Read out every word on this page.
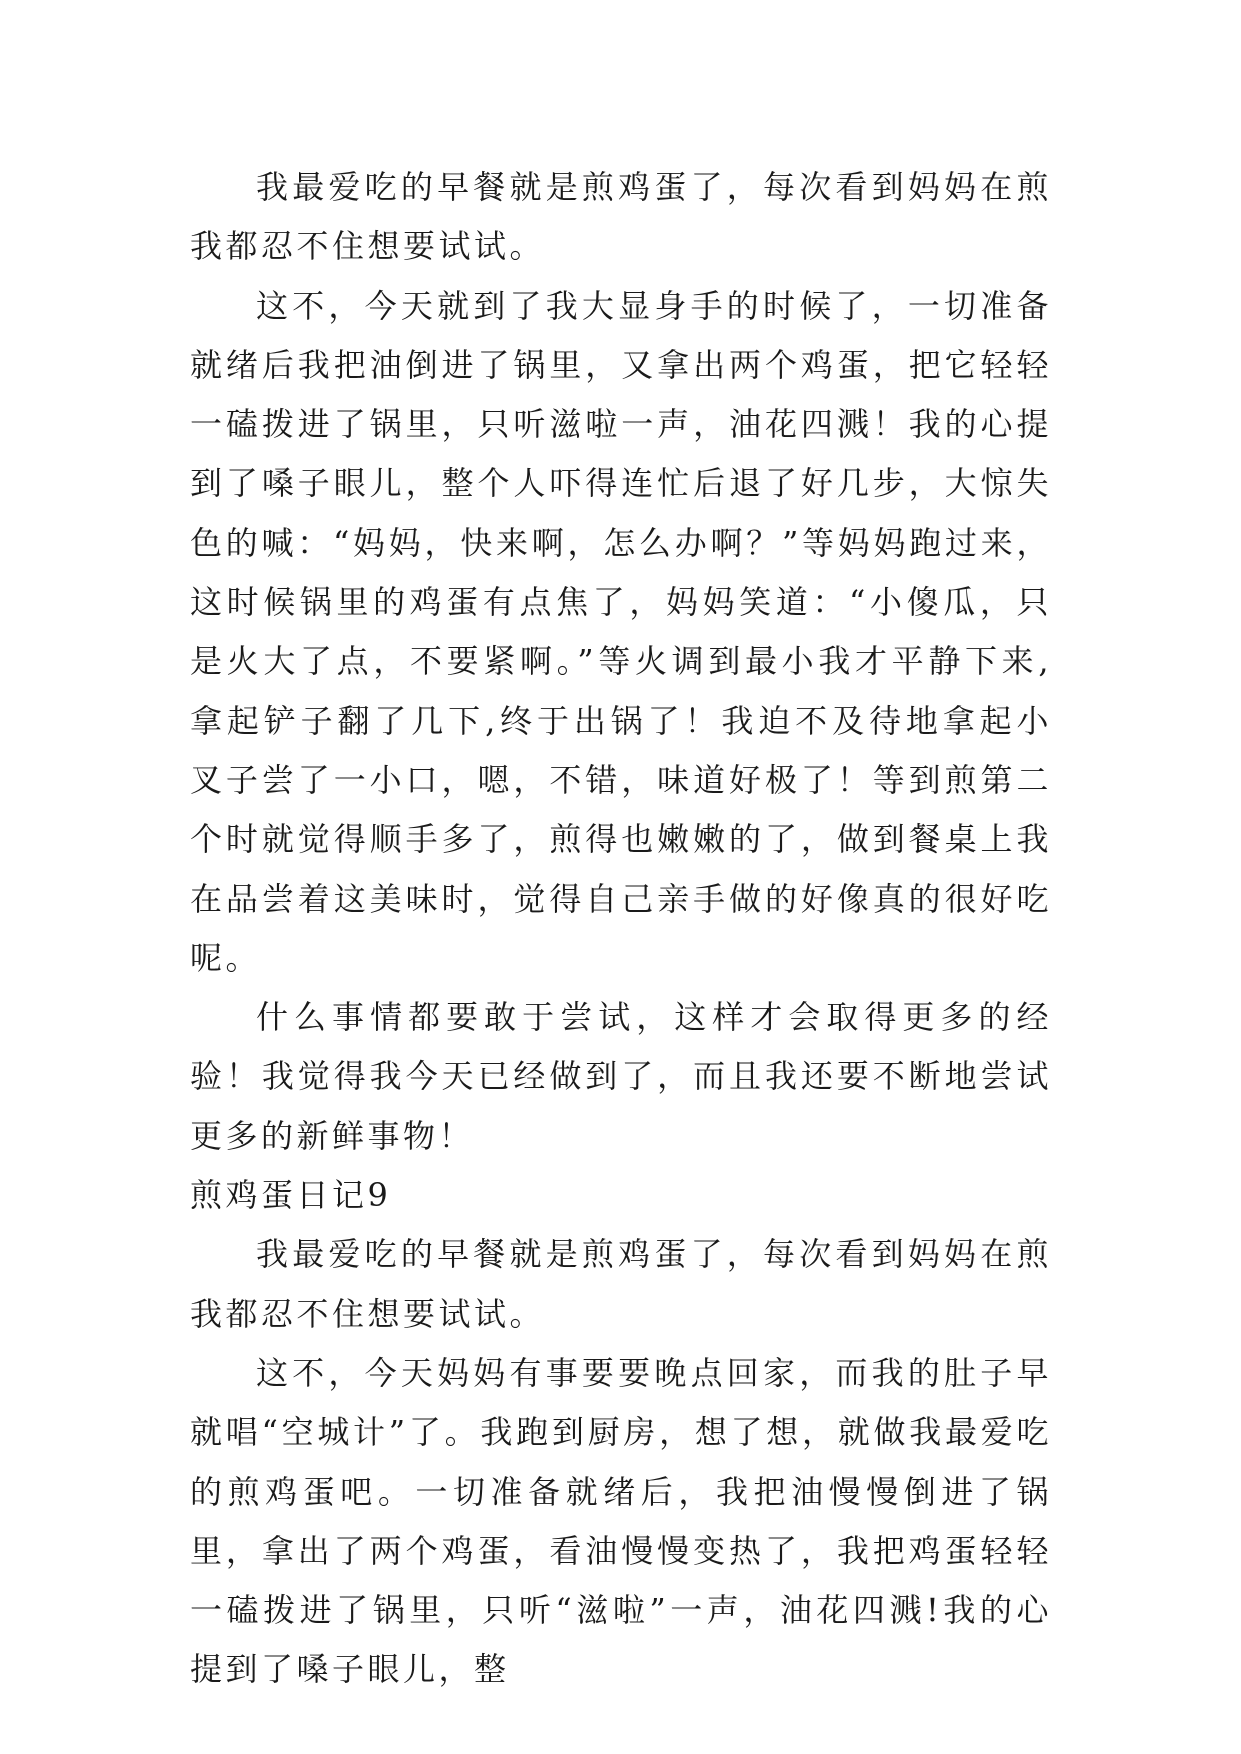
我最爱吃的早餐就是煎鸡蛋了，每次看到妈妈在煎我都忍不住想要试试。

这不，今天就到了我大显身手的时候了，一切准备就绪后我把油倒进了锅里，又拿出两个鸡蛋，把它轻轻一磕拨进了锅里，只听滋啦一声，油花四溅！我的心提到了嗓子眼儿，整个人吓得连忙后退了好几步，大惊失色的喊：“妈妈，快来啊，怎么办啊？”等妈妈跑过来，这时候锅里的鸡蛋有点焦了，妈妈笑道：“小傻瓜，只是火大了点，不要紧啊。”等火调到最小我才平静下来,拿起铲子翻了几下,终于出锅了！我迫不及待地拿起小叉子尝了一小口，嗯，不错，味道好极了！等到煎第二个时就觉得顺手多了，煎得也嫩嫩的了，做到餐桌上我在品尝着这美味时，觉得自己亲手做的好像真的很好吃呢。

什么事情都要敢于尝试，这样才会取得更多的经验！我觉得我今天已经做到了，而且我还要不断地尝试更多的新鲜事物！

煎鸡蛋日记9

我最爱吃的早餐就是煎鸡蛋了，每次看到妈妈在煎我都忍不住想要试试。

这不，今天妈妈有事要要晚点回家，而我的肚子早就唱“空城计”了。我跑到厨房，想了想，就做我最爱吃的煎鸡蛋吧。一切准备就绪后，我把油慢慢倒进了锅里，拿出了两个鸡蛋，看油慢慢变热了，我把鸡蛋轻轻一磕拨进了锅里，只听“滋啦”一声，油花四溅!我的心提到了嗓子眼儿，整
